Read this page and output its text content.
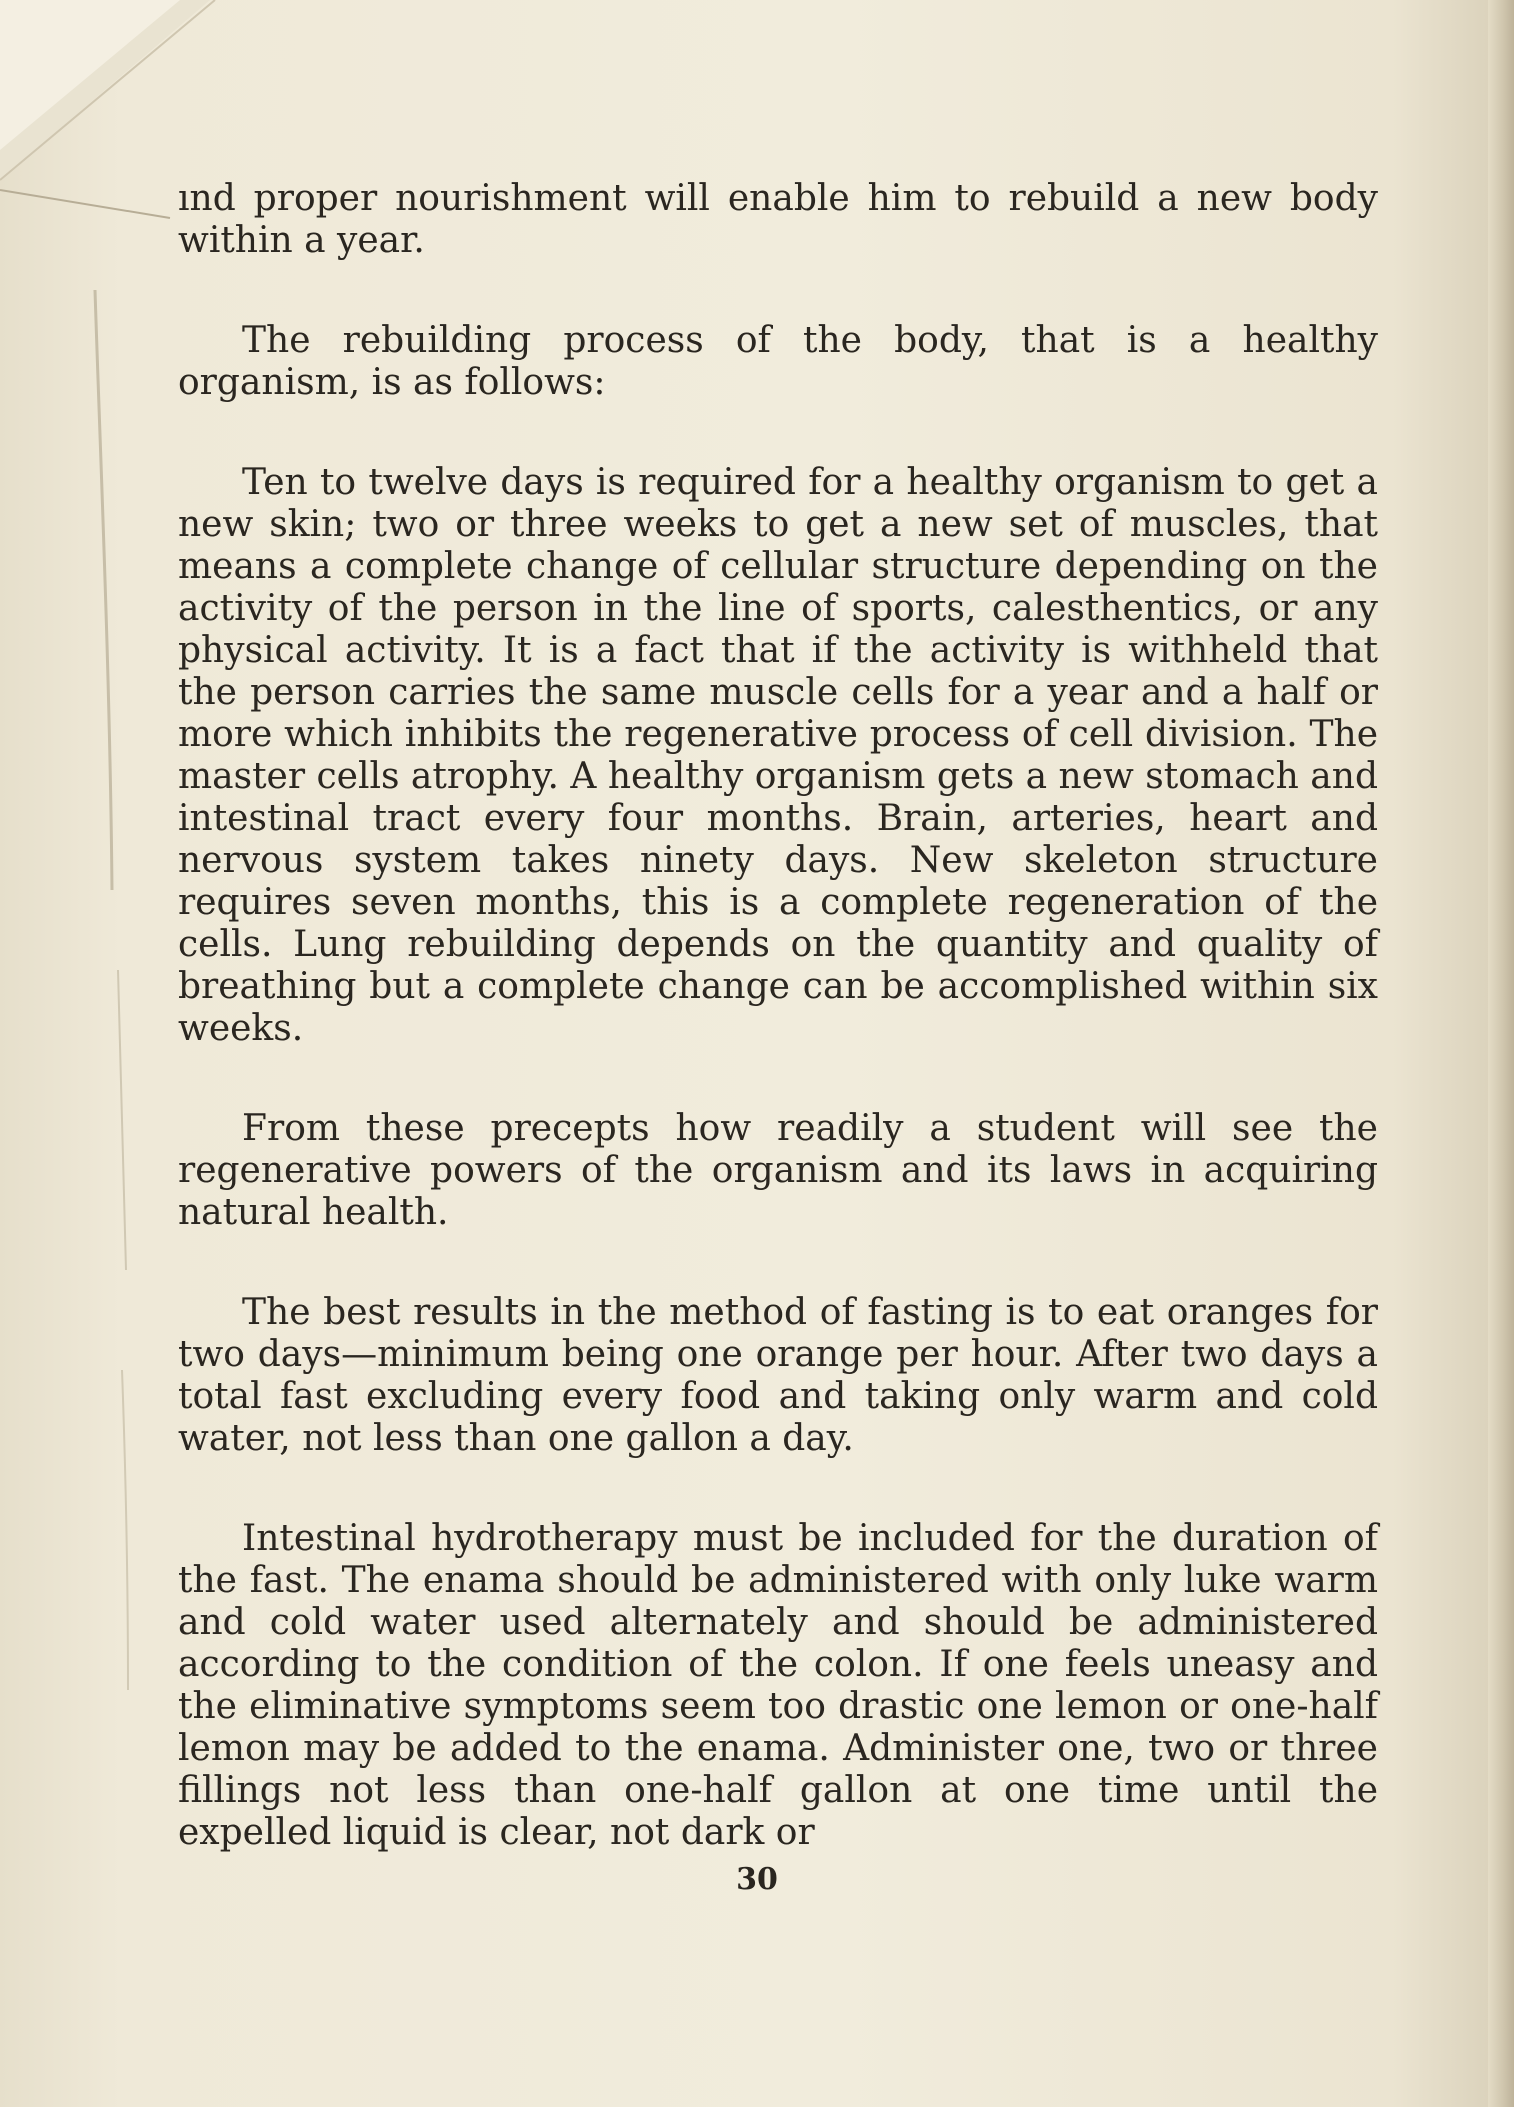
ınd proper nourishment will enable him to rebuild a new body within a year.

The rebuilding process of the body, that is a healthy organism, is as follows:

Ten to twelve days is required for a healthy organism to get a new skin; two or three weeks to get a new set of muscles, that means a complete change of cellular structure depending on the activity of the person in the line of sports, calesthentics, or any physical activity. It is a fact that if the activity is withheld that the person carries the same muscle cells for a year and a half or more which inhibits the regenerative process of cell division. The master cells atrophy. A healthy organism gets a new stomach and intestinal tract every four months. Brain, arteries, heart and nervous system takes ninety days. New skeleton structure requires seven months, this is a complete regeneration of the cells. Lung rebuilding depends on the quantity and quality of breathing but a complete change can be accomplished within six weeks.

From these precepts how readily a student will see the regenerative powers of the organism and its laws in acquiring natural health.

The best results in the method of fasting is to eat oranges for two days—minimum being one orange per hour. After two days a total fast excluding every food and taking only warm and cold water, not less than one gallon a day.

Intestinal hydrotherapy must be included for the duration of the fast. The enama should be administered with only luke warm and cold water used alternately and should be administered according to the condition of the colon. If one feels uneasy and the eliminative symptoms seem too drastic one lemon or one-half lemon may be added to the enama. Administer one, two or three fillings not less than one-half gallon at one time until the expelled liquid is clear, not dark or

30
